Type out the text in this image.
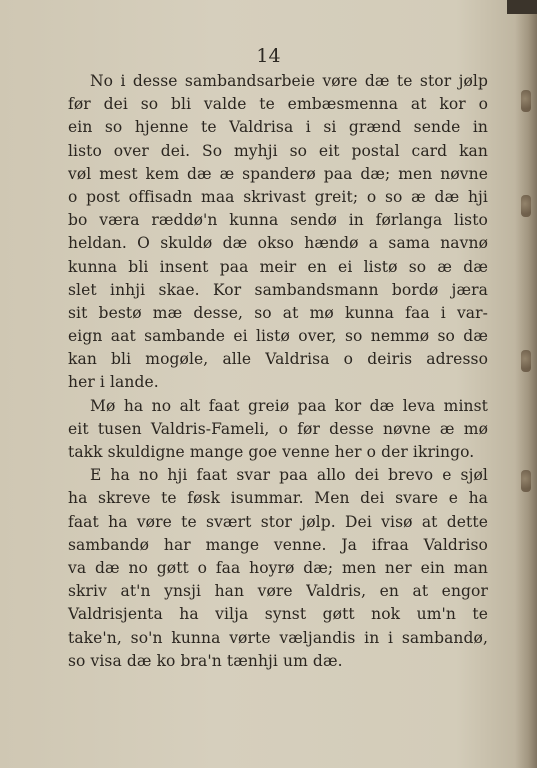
14
No i desse sambandsarbeie vøre dæ te stor jølp
før dei so bli valde te embæsmenna at kor o
ein so hjenne te Valdrisa i si grænd sende in
listo over dei. So myhji so eit postal card kan
vøl mest kem dæ æ spanderø paa dæ; men nøvne
o post offisadn maa skrivast greit; o so æ dæ hji
bo væra ræddø'n kunna sendø in førlanga listo
heldan. O skuldø dæ okso hændø a sama navnø
kunna bli insent paa meir en ei listø so æ dæ
slet inhji skae. Kor sambandsmann bordø jæra
sit bestø mæ desse, so at mø kunna faa i var-
eign aat sambande ei listø over, so nemmø so dæ
kan bli mogøle, alle Valdrisa o deiris adresso
her i lande.
Mø ha no alt faat greiø paa kor dæ leva minst
eit tusen Valdris-Fameli, o før desse nøvne æ mø
takk skuldigne mange goe venne her o der ikringo.
E ha no hji faat svar paa allo dei brevo e sjøl
ha skreve te føsk isummar. Men dei svare e ha
faat ha vøre te svært stor jølp. Dei visø at dette
sambandø har mange venne. Ja ifraa Valdriso
va dæ no gøtt o faa hoyrø dæ; men ner ein man
skriv at'n ynsji han vøre Valdris, en at engor
Valdrisjenta ha vilja synst gøtt nok um'n te
take'n, so'n kunna vørte væljandis in i sambandø,
so visa dæ ko bra'n tænhji um dæ.
